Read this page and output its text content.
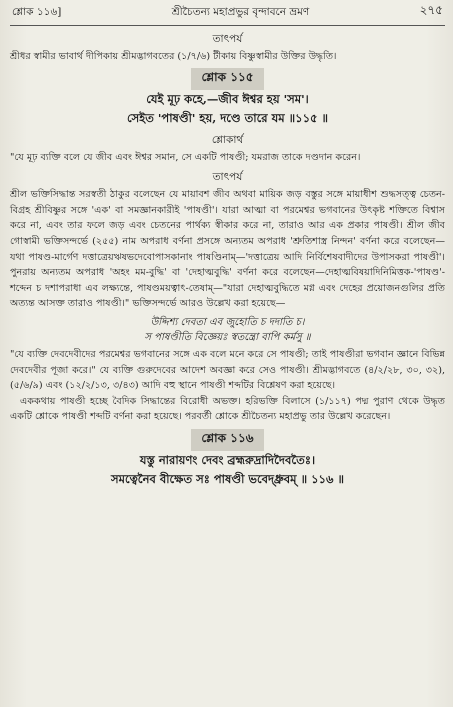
শ্লোক ১১৬]	শ্রীচৈতন্য মহাপ্রভুর বৃন্দাবনে ভ্রমণ	২৭৫
তাৎপর্য
শ্রীধর স্বামীর ভাবার্থ দীপিকায় শ্রীমদ্ভাগবতের (১/৭/৬) টীকায় বিষ্ণুস্বামীর উক্তির উদ্ধৃতি।
শ্লোক ১১৫
যেই মূঢ় কহে,—জীব ঈশ্বর হয় 'সম'।
সেইত 'পাষণ্ডী' হয়, দণ্ডে তারে যম ॥১১৫ ॥
শ্লোকার্থ
"যে মূঢ় ব্যক্তি বলে যে জীব এবং ঈশ্বর সমান, সে একটি পাষণ্ডী; যমরাজ তাকে দণ্ডদান করেন।
তাৎপর্য
শ্রীল ভক্তিসিদ্ধান্ত সরস্বতী ঠাকুর বলেছেন যে মায়াবশ জীব অথবা মায়িক জড় বস্তুর সঙ্গে মায়াধীশ শুদ্ধসত্ত্ব চেতন-বিগ্রহ শ্রীবিষ্ণুর সঙ্গে 'এক' বা সমজ্ঞানকারীই 'পাষণ্ডী'। যারা আত্মা বা পরমেশ্বর ভগবানের উৎকৃষ্ট শক্তিতে বিশ্বাস করে না, এবং তার ফলে জড় এবং চেতনের পার্থক্য স্বীকার করে না, তারাও আর এক প্রকার পাষণ্ডী। শ্রীল জীব গোস্বামী ভক্তিসন্দর্ভে (২৫৫) নাম অপরাধ বর্ণনা প্রসঙ্গে অন্যতম অপরাধ 'শ্রুতিশাস্ত্র নিন্দন' বর্ণনা করে বলেছেন—যথা পাষণ্ড-মার্গেণ দত্তাত্রেয়ঋষভদেবোপাসকানাং পাষণ্ডিনাম্—'দত্তাত্রেয় আদি নির্বিশেষবাদীদের উপাসকরা পাষণ্ডী'। পুনরায় অন্যতম অপরাধ 'অহং মম-বুদ্ধি' বা 'দেহাত্মবুদ্ধি' বর্ণনা করে বলেছেন—দেহাত্মবিষয়াদিনিমিত্তক-'পাষণ্ড'-শব্দেন চ দশাপরাধা এব লক্ষ্যন্তে, পাষণ্ডময়ত্বাৎ-তেষাম্—"যারা দেহাত্মবুদ্ধিতে মগ্ন এবং দেহের প্রয়োজনগুলির প্রতি অত্যন্ত আসক্ত তারাও পাষণ্ডী।" ভক্তিসন্দর্ভে আরও উল্লেখ করা হয়েছে—
উদ্দিশ্য দেবতা এব জুহোতি চ দদাতি চ।
স পাষণ্ডীতি বিজ্ঞেয়ঃ স্বতন্ত্রো বাপি কর্মসু ॥
"যে ব্যক্তি দেবদেবীদের পরমেশ্বর ভগবানের সঙ্গে এক বলে মনে করে সে পাষণ্ডী; তাই পাষণ্ডীরা ভগবান জ্ঞানে বিভিন্ন দেবদেবীর পূজা করে।" যে ব্যক্তি গুরুদেবের আদেশ অবজ্ঞা করে সেও পাষণ্ডী। শ্রীমদ্ভাগবতে (৪/২/২৮, ৩০, ৩২), (৫/৬/৯) এবং (১২/২/১৩, ৩/৪৩) আদি বহু স্থানে পাষণ্ডী শব্দটির বিশ্লেষণ করা হয়েছে।
এককথায় পাষণ্ডী হচ্ছে বৈদিক সিদ্ধান্তের বিরোধী অভক্ত। হরিভক্তি বিলাসে (১/১১৭) পদ্ম পুরাণ থেকে উদ্ধৃত একটি শ্লোকে পাষণ্ডী শব্দটি বর্ণনা করা হয়েছে। পরবর্তী শ্লোকে শ্রীচৈতন্য মহাপ্রভু তার উল্লেখ করেছেন।
শ্লোক ১১৬
যস্তু নারায়ণং দেবং ব্রহ্মরুদ্রাদিদৈবতৈঃ।
সমত্বেনৈব বীক্ষেত সঃ পাষণ্ডী ভবেদ্ধ্রুবম্ ॥ ১১৬ ॥
